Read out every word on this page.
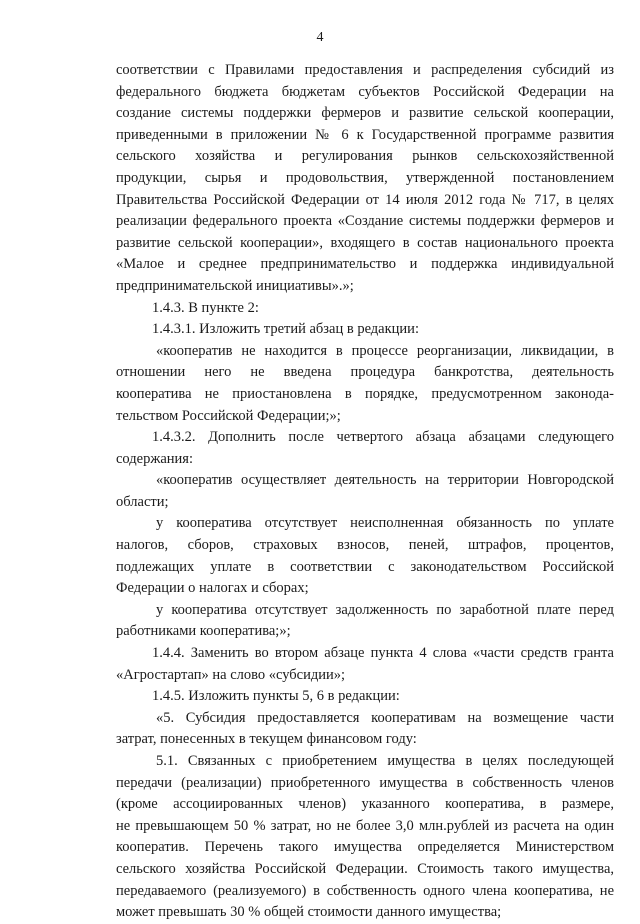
4
соответствии с Правилами предоставления и распределения субсидий из
федерального бюджета бюджетам субъектов Российской Федерации на
создание системы поддержки фермеров и развитие сельской кооперации,
приведенными в приложении № 6 к Государственной программе развития
сельского хозяйства и регулирования рынков сельскохозяйственной
продукции, сырья и продовольствия, утвержденной постановлением
Правительства Российской Федерации от 14 июля 2012 года № 717, в целях
реализации федерального проекта «Создание системы поддержки фермеров и
развитие сельской кооперации», входящего в состав национального проекта
«Малое и среднее предпринимательство и поддержка индивидуальной
предпринимательской инициативы».»;
1.4.3. В пункте 2:
1.4.3.1. Изложить третий абзац в редакции:
«кооператив не находится в процессе реорганизации, ликвидации, в
отношении него не введена процедура банкротства, деятельность
кооператива не приостановлена в порядке, предусмотренном законода-
тельством Российской Федерации;»;
1.4.3.2. Дополнить после четвертого абзаца абзацами следующего
содержания:
«кооператив осуществляет деятельность на территории Новгородской
области;
у кооператива отсутствует неисполненная обязанность по уплате
налогов, сборов, страховых взносов, пеней, штрафов, процентов,
подлежащих уплате в соответствии с законодательством Российской
Федерации о налогах и сборах;
у кооператива отсутствует задолженность по заработной плате перед
работниками кооператива;»;
1.4.4. Заменить во втором абзаце пункта 4 слова «части средств гранта
«Агростартап» на слово «субсидии»;
1.4.5. Изложить пункты 5, 6 в редакции:
«5. Субсидия предоставляется кооперативам на возмещение части
затрат, понесенных в текущем финансовом году:
5.1. Связанных с приобретением имущества в целях последующей
передачи (реализации) приобретенного имущества в собственность членов
(кроме ассоциированных членов) указанного кооператива, в размере,
не превышающем 50 % затрат, но не более 3,0 млн.рублей из расчета на один
кооператив. Перечень такого имущества определяется Министерством
сельского хозяйства Российской Федерации. Стоимость такого имущества,
передаваемого (реализуемого) в собственность одного члена кооператива, не
может превышать 30 % общей стоимости данного имущества;
